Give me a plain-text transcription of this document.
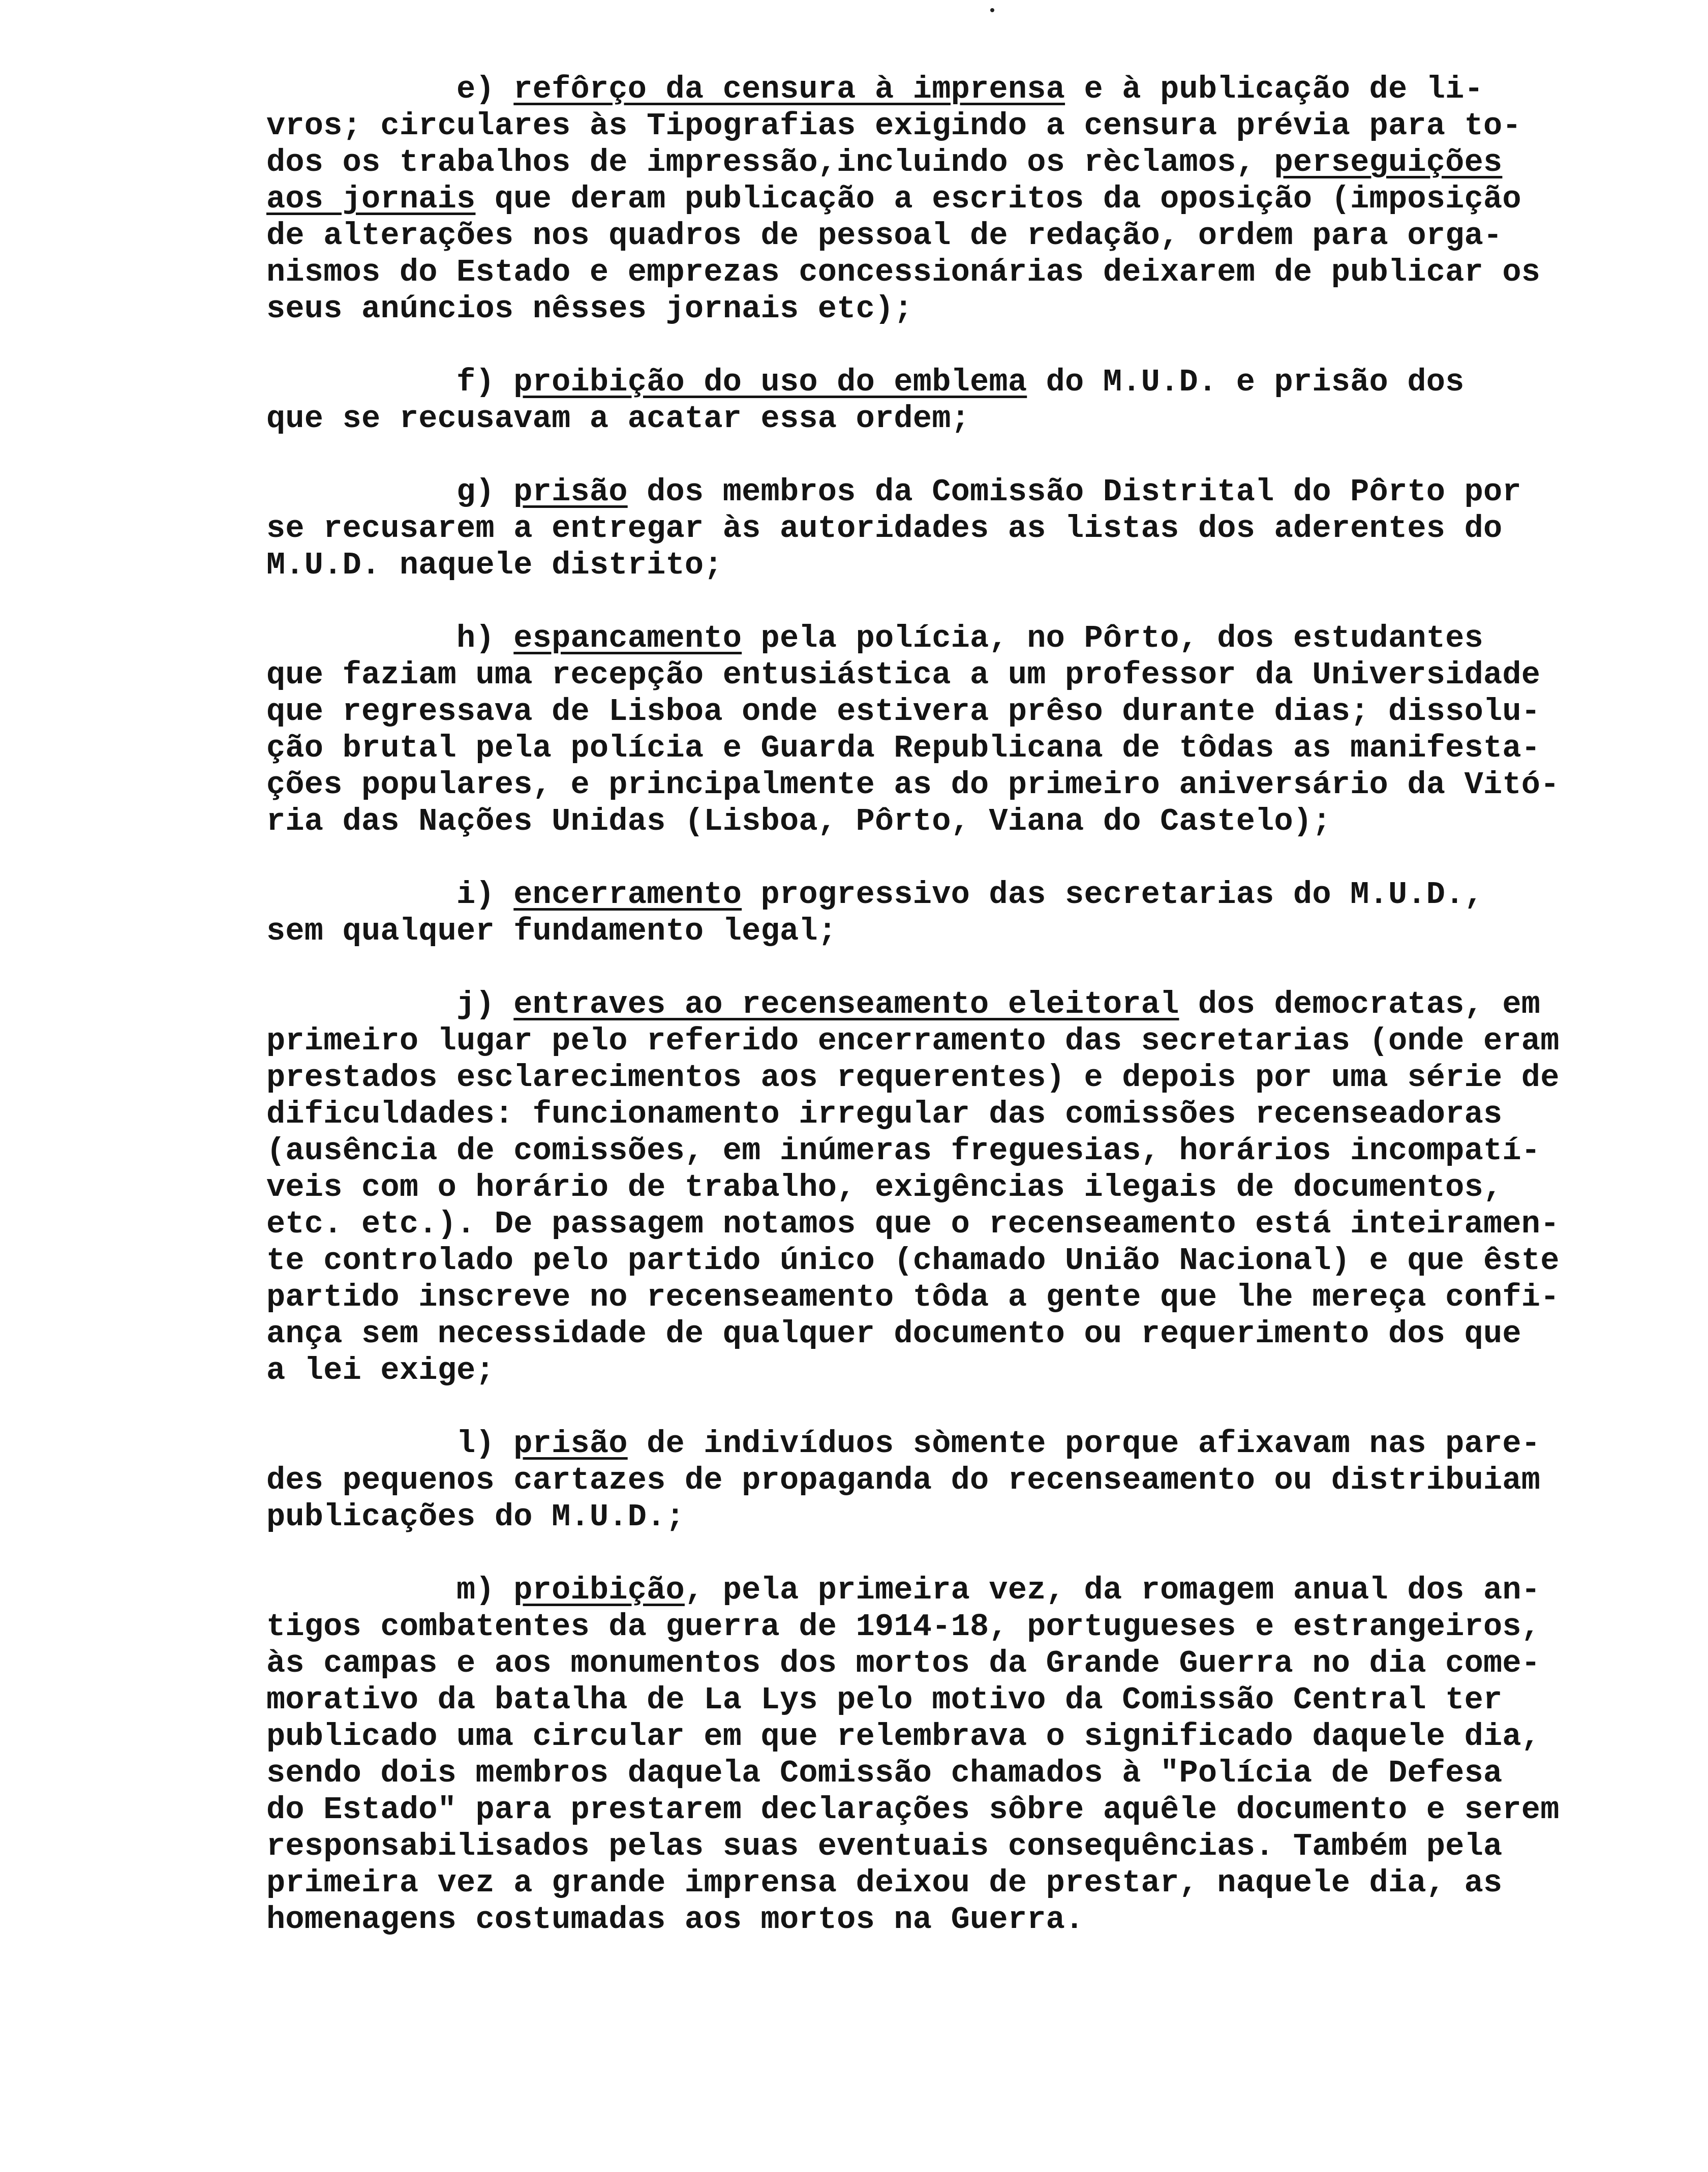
e) refôrço da censura à imprensa e à publicação de li-
vros; circulares às Tipografias exigindo a censura prévia para to-
dos os trabalhos de impressão,incluindo os rèclamos, perseguições
aos jornais que deram publicação a escritos da oposição (imposição
de alterações nos quadros de pessoal de redação, ordem para orga-
nismos do Estado e emprezas concessionárias deixarem de publicar os
seus anúncios nêsses jornais etc);
f) proibição do uso do emblema do M.U.D. e prisão dos
que se recusavam a acatar essa ordem;
g) prisão dos membros da Comissão Distrital do Pôrto por
se recusarem a entregar às autoridades as listas dos aderentes do
M.U.D. naquele distrito;
h) espancamento pela polícia, no Pôrto, dos estudantes
que faziam uma recepção entusiástica a um professor da Universidade
que regressava de Lisboa onde estivera prêso durante dias; dissolu-
ção brutal pela polícia e Guarda Republicana de tôdas as manifesta-
ções populares, e principalmente as do primeiro aniversário da Vitó-
ria das Nações Unidas (Lisboa, Pôrto, Viana do Castelo);
i) encerramento progressivo das secretarias do M.U.D.,
sem qualquer fundamento legal;
j) entraves ao recenseamento eleitoral dos democratas, em
primeiro lugar pelo referido encerramento das secretarias (onde eram
prestados esclarecimentos aos requerentes) e depois por uma série de
dificuldades: funcionamento irregular das comissões recenseadoras
(ausência de comissões, em inúmeras freguesias, horários incompatí-
veis com o horário de trabalho, exigências ilegais de documentos,
etc. etc.). De passagem notamos que o recenseamento está inteiramen-
te controlado pelo partido único (chamado União Nacional) e que êste
partido inscreve no recenseamento tôda a gente que lhe mereça confi-
ança sem necessidade de qualquer documento ou requerimento dos que
a lei exige;
l) prisão de indivíduos sòmente porque afixavam nas pare-
des pequenos cartazes de propaganda do recenseamento ou distribuiam
publicações do M.U.D.;
m) proibição, pela primeira vez, da romagem anual dos an-
tigos combatentes da guerra de 1914-18, portugueses e estrangeiros,
às campas e aos monumentos dos mortos da Grande Guerra no dia come-
morativo da batalha de La Lys pelo motivo da Comissão Central ter
publicado uma circular em que relembrava o significado daquele dia,
sendo dois membros daquela Comissão chamados à "Polícia de Defesa
do Estado" para prestarem declarações sôbre aquêle documento e serem
responsabilisados pelas suas eventuais consequências. Também pela
primeira vez a grande imprensa deixou de prestar, naquele dia, as
homenagens costumadas aos mortos na Guerra.
